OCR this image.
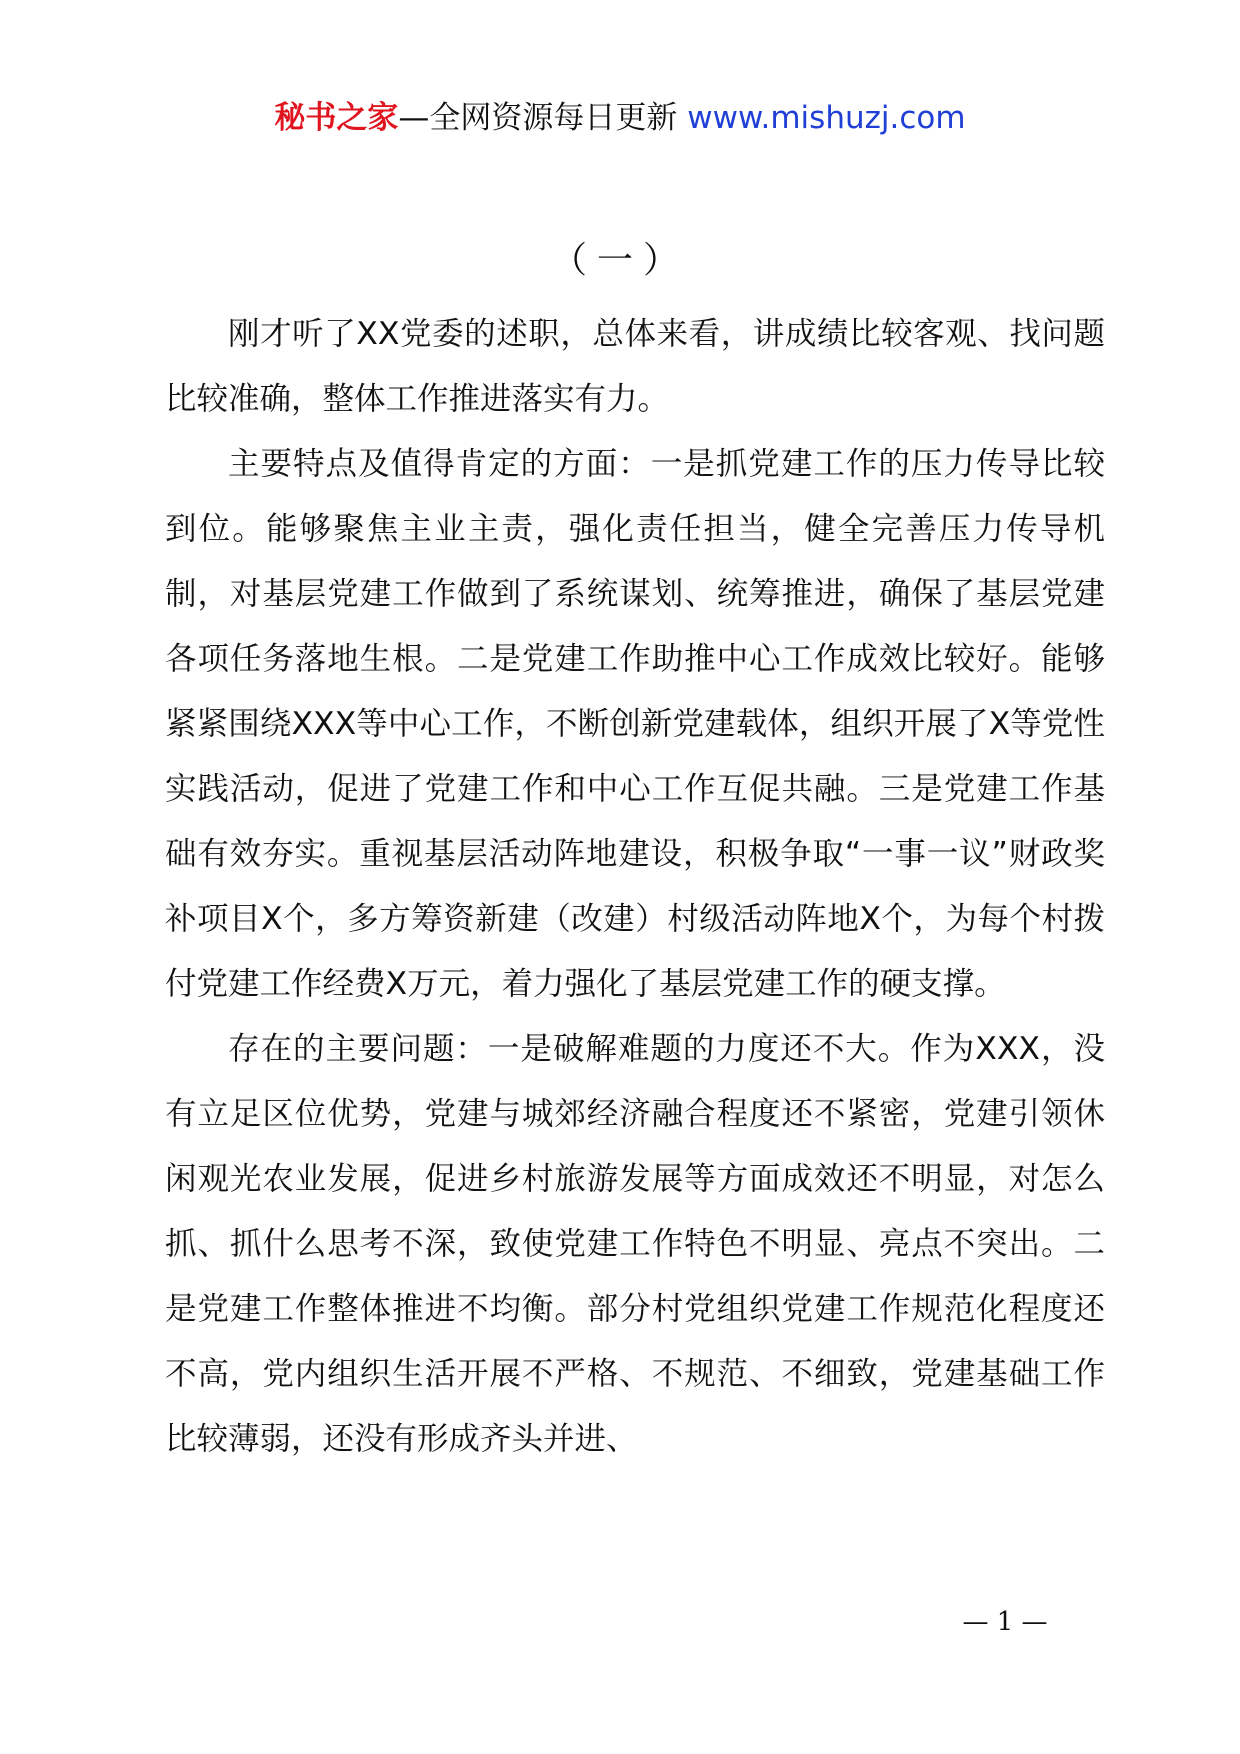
秘书之家—全网资源每日更新 www.mishuzj.com
（一）

刚才听了XX党委的述职，总体来看，讲成绩比较客观、找问题比较准确，整体工作推进落实有力。

主要特点及值得肯定的方面：一是抓党建工作的压力传导比较到位。能够聚焦主业主责，强化责任担当，健全完善压力传导机制，对基层党建工作做到了系统谋划、统筹推进，确保了基层党建各项任务落地生根。二是党建工作助推中心工作成效比较好。能够紧紧围绕XXX等中心工作，不断创新党建载体，组织开展了X等党性实践活动，促进了党建工作和中心工作互促共融。三是党建工作基础有效夯实。重视基层活动阵地建设，积极争取“一事一议”财政奖补项目X个，多方筹资新建（改建）村级活动阵地X个，为每个村拨付党建工作经费X万元，着力强化了基层党建工作的硬支撑。

存在的主要问题：一是破解难题的力度还不大。作为XXX，没有立足区位优势，党建与城郊经济融合程度还不紧密，党建引领休闲观光农业发展，促进乡村旅游发展等方面成效还不明显，对怎么抓、抓什么思考不深，致使党建工作特色不明显、亮点不突出。二是党建工作整体推进不均衡。部分村党组织党建工作规范化程度还不高，党内组织生活开展不严格、不规范、不细致，党建基础工作比较薄弱，还没有形成齐头并进、

— 1 —
